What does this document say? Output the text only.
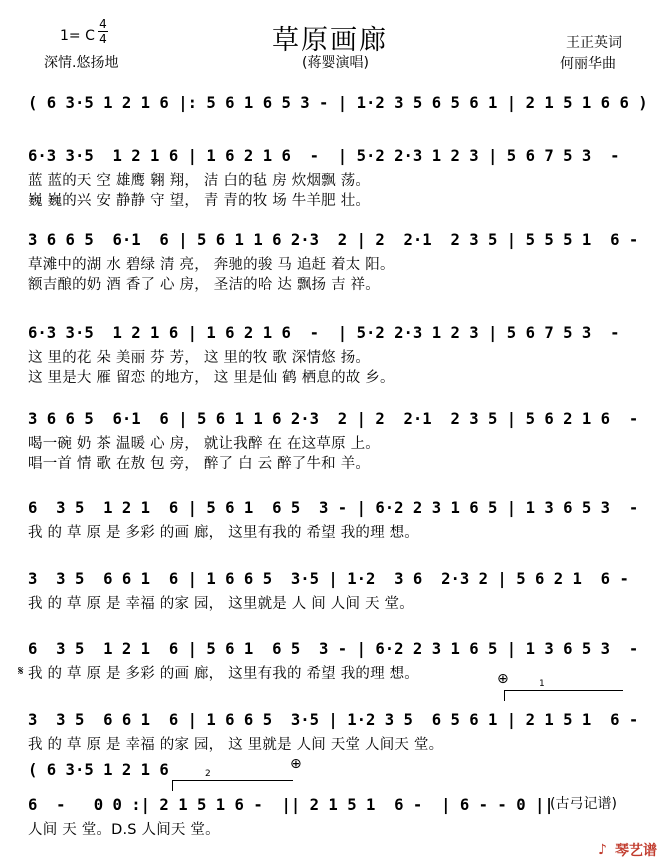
草原画廊
1= C
4
4
深情.悠扬地	(蒋婴演唱)
王正英词
何丽华曲
( 6 3·5 1 2 1 6 |: 5 6 1 6 5 3 - | 1·2 3 5 6 5 6 1 | 2 1 5 1 6 6 )
6·3 3·5  1 2 1 6 | 1 6 2 1 6  -  | 5·2 2·3 1 2 3 | 5 6 7 5 3  -
蓝 蓝的天 空 雄鹰 翱 翔， 洁 白的毡 房 炊烟飘 荡。
巍 巍的兴 安 静静 守 望， 青 青的牧 场 牛羊肥 壮。
3 6 6 5  6·1  6 | 5 6 1 1 6 2·3  2 | 2  2·1  2 3 5 | 5 5 5 1  6 -
草滩中的湖 水 碧绿 清 亮， 奔驰的骏 马 追赶 着太 阳。
额吉酿的奶 酒 香了 心 房， 圣洁的哈 达 飘扬 吉 祥。
6·3 3·5  1 2 1 6 | 1 6 2 1 6  -  | 5·2 2·3 1 2 3 | 5 6 7 5 3  -
这 里的花 朵 美丽 芬 芳， 这 里的牧 歌 深情悠 扬。
这 里是大 雁 留恋 的地方， 这 里是仙 鹤 栖息的故 乡。
3 6 6 5  6·1  6 | 5 6 1 1 6 2·3  2 | 2  2·1  2 3 5 | 5 6 2 1 6  -
喝一碗 奶 茶 温暖 心 房， 就让我醉 在 在这草原 上。
唱一首 情 歌 在敖 包 旁， 醉了 白 云 醉了牛和 羊。
6  3 5  1 2 1  6 | 5 6 1  6 5  3 - | 6·2 2 3 1 6 5 | 1 3 6 5 3  -
我 的 草 原 是 多彩 的画 廊， 这里有我的 希望 我的理 想。
3  3 5  6 6 1  6 | 1 6 6 5  3·5 | 1·2  3 6  2·3 2 | 5 6 2 1  6 -
我 的 草 原 是 幸福 的家 园， 这里就是 人 间 人间 天 堂。
6  3 5  1 2 1  6 | 5 6 1  6 5  3 - | 6·2 2 3 1 6 5 | 1 3 6 5 3  -
我 的 草 原 是 多彩 的画 廊， 这里有我的 希望 我的理 想。
3  3 5  6 6 1  6 | 1 6 6 5  3·5 | 1·2 3 5  6 5 6 1 | 2 1 5 1  6 -
我 的 草 原 是 幸福 的家 园， 这 里就是 人间 天堂 人间天 堂。
( 6 3·5 1 2 1 6
6  -   0 0 :| 2 1 5 1 6 -  || 2 1 5 1  6 -  | 6 - - 0 ||
人间 天 堂。D.S 人间天 堂。
𝄋	⊕
⊕
1
2
(古弓记谱)
♪ 琴艺谱
